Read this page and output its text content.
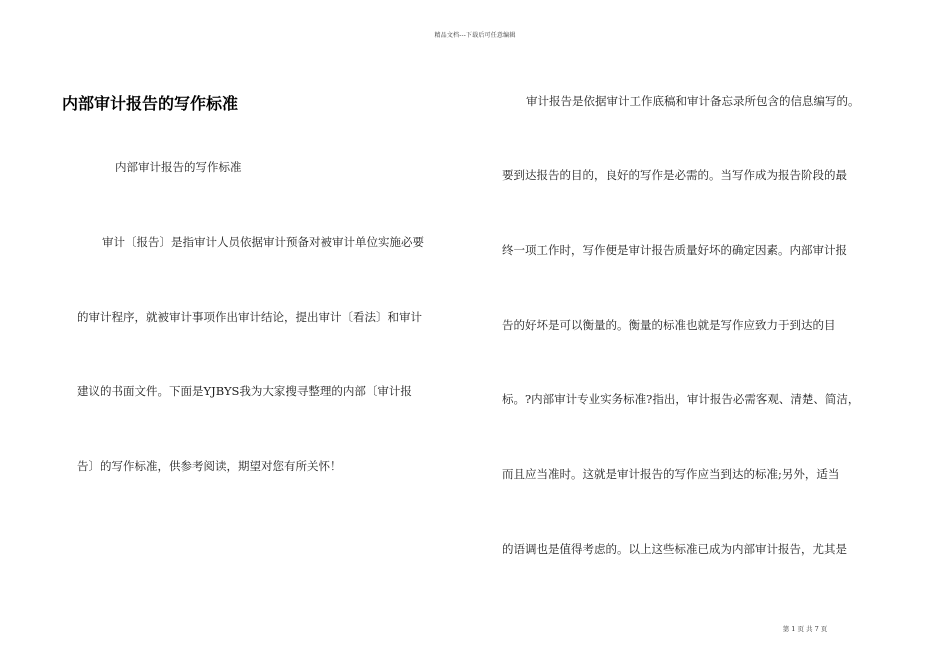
精品文档---下载后可任意编辑
内部审计报告的写作标准
内部审计报告的写作标准
审计〔报告〕是指审计人员依据审计预备对被审计单位实施必要
的审计程序，就被审计事项作出审计结论，提出审计〔看法〕和审计
建议的书面文件。下面是YJBYS我为大家搜寻整理的内部〔审计报
告〕的写作标准，供参考阅读，期望对您有所关怀！
审计报告是依据审计工作底稿和审计备忘录所包含的信息编写的。
要到达报告的目的，良好的写作是必需的。当写作成为报告阶段的最
终一项工作时，写作便是审计报告质量好坏的确定因素。内部审计报
告的好坏是可以衡量的。衡量的标准也就是写作应致力于到达的目
标。?内部审计专业实务标准?指出，审计报告必需客观、清楚、简洁，
而且应当准时。这就是审计报告的写作应当到达的标准;另外，适当
的语调也是值得考虑的。以上这些标准已成为内部审计报告，尤其是
第 1 页 共 7 页
